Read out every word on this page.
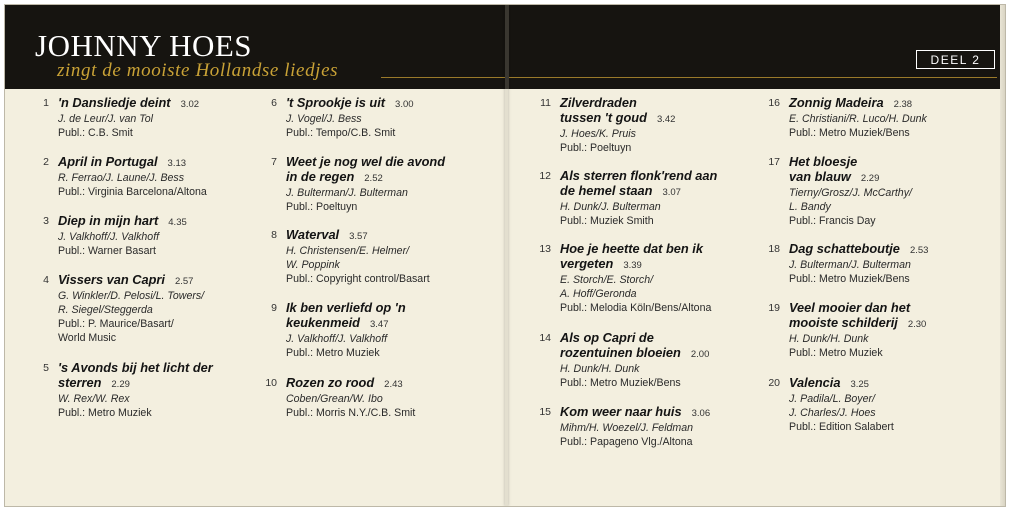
JOHNNY HOES
zingt de mooiste Hollandse liedjes	DEEL 2
1 'n Dansliedje deint 3.02
J. de Leur/J. van Tol
Publ.: C.B. Smit
2 April in Portugal 3.13
R. Ferrao/J. Laune/J. Bess
Publ.: Virginia Barcelona/Altona
3 Diep in mijn hart 4.35
J. Valkhoff/J. Valkhoff
Publ.: Warner Basart
4 Vissers van Capri 2.57
G. Winkler/D. Pelosi/L. Towers/
R. Siegel/Steggerda
Publ.: P. Maurice/Basart/
World Music
5 's Avonds bij het licht der
sterren 2.29
W. Rex/W. Rex
Publ.: Metro Muziek
6 't Sprookje is uit 3.00
J. Vogel/J. Bess
Publ.: Tempo/C.B. Smit
7 Weet je nog wel die avond
in de regen 2.52
J. Bulterman/J. Bulterman
Publ.: Poeltuyn
8 Waterval 3.57
H. Christensen/E. Helmer/
W. Poppink
Publ.: Copyright control/Basart
9 Ik ben verliefd op 'n
keukenmeid 3.47
J. Valkhoff/J. Valkhoff
Publ.: Metro Muziek
10 Rozen zo rood 2.43
Coben/Grean/W. Ibo
Publ.: Morris N.Y./C.B. Smit
11 Zilverdraden
tussen 't goud 3.42
J. Hoes/K. Pruis
Publ.: Poeltuyn
12 Als sterren flonk'rend aan
de hemel staan 3.07
H. Dunk/J. Bulterman
Publ.: Muziek Smith
13 Hoe je heette dat ben ik
vergeten 3.39
E. Storch/E. Storch/
A. Hoff/Geronda
Publ.: Melodia Köln/Bens/Altona
14 Als op Capri de
rozentuinen bloeien 2.00
H. Dunk/H. Dunk
Publ.: Metro Muziek/Bens
15 Kom weer naar huis 3.06
Mihm/H. Woezel/J. Feldman
Publ.: Papageno Vlg./Altona
16 Zonnig Madeira 2.38
E. Christiani/R. Luco/H. Dunk
Publ.: Metro Muziek/Bens
17 Het bloesje
van blauw 2.29
Tierny/Grosz/J. McCarthy/
L. Bandy
Publ.: Francis Day
18 Dag schatteboutje 2.53
J. Bulterman/J. Bulterman
Publ.: Metro Muziek/Bens
19 Veel mooier dan het
mooiste schilderij 2.30
H. Dunk/H. Dunk
Publ.: Metro Muziek
20 Valencia 3.25
J. Padila/L. Boyer/
J. Charles/J. Hoes
Publ.: Edition Salabert
